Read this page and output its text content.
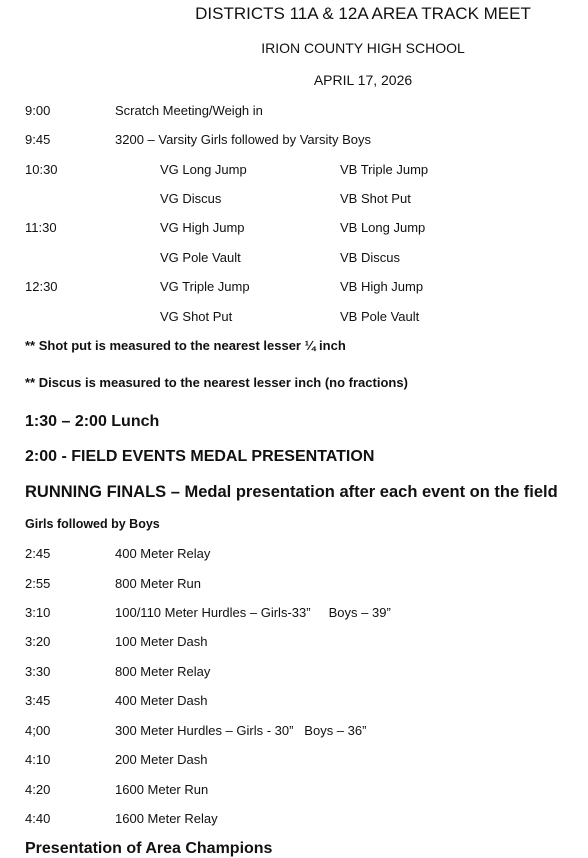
DISTRICTS 11A & 12A AREA TRACK MEET
IRION COUNTY HIGH SCHOOL
APRIL 17, 2026
9:00	Scratch Meeting/Weigh in
9:45	3200 – Varsity Girls followed by Varsity Boys
10:30	VG Long Jump	VB Triple Jump
VG Discus	VB Shot Put
11:30	VG High Jump	VB Long Jump
VG Pole Vault	VB Discus
12:30	VG Triple Jump	VB High Jump
VG Shot Put	VB Pole Vault
** Shot put is measured to the nearest lesser ¼ inch
** Discus is measured to the nearest lesser inch (no fractions)
1:30 – 2:00 Lunch
2:00 - FIELD EVENTS MEDAL PRESENTATION
RUNNING FINALS – Medal presentation after each event on the field
Girls followed by Boys
2:45	400 Meter Relay
2:55	800 Meter Run
3:10	100/110 Meter Hurdles – Girls-33”     Boys – 39”
3:20	100 Meter Dash
3:30	800 Meter Relay
3:45	400 Meter Dash
4;00	300 Meter Hurdles – Girls - 30”   Boys – 36”
4:10	200 Meter Dash
4:20	1600 Meter Run
4:40	1600 Meter Relay
Presentation of Area Champions
